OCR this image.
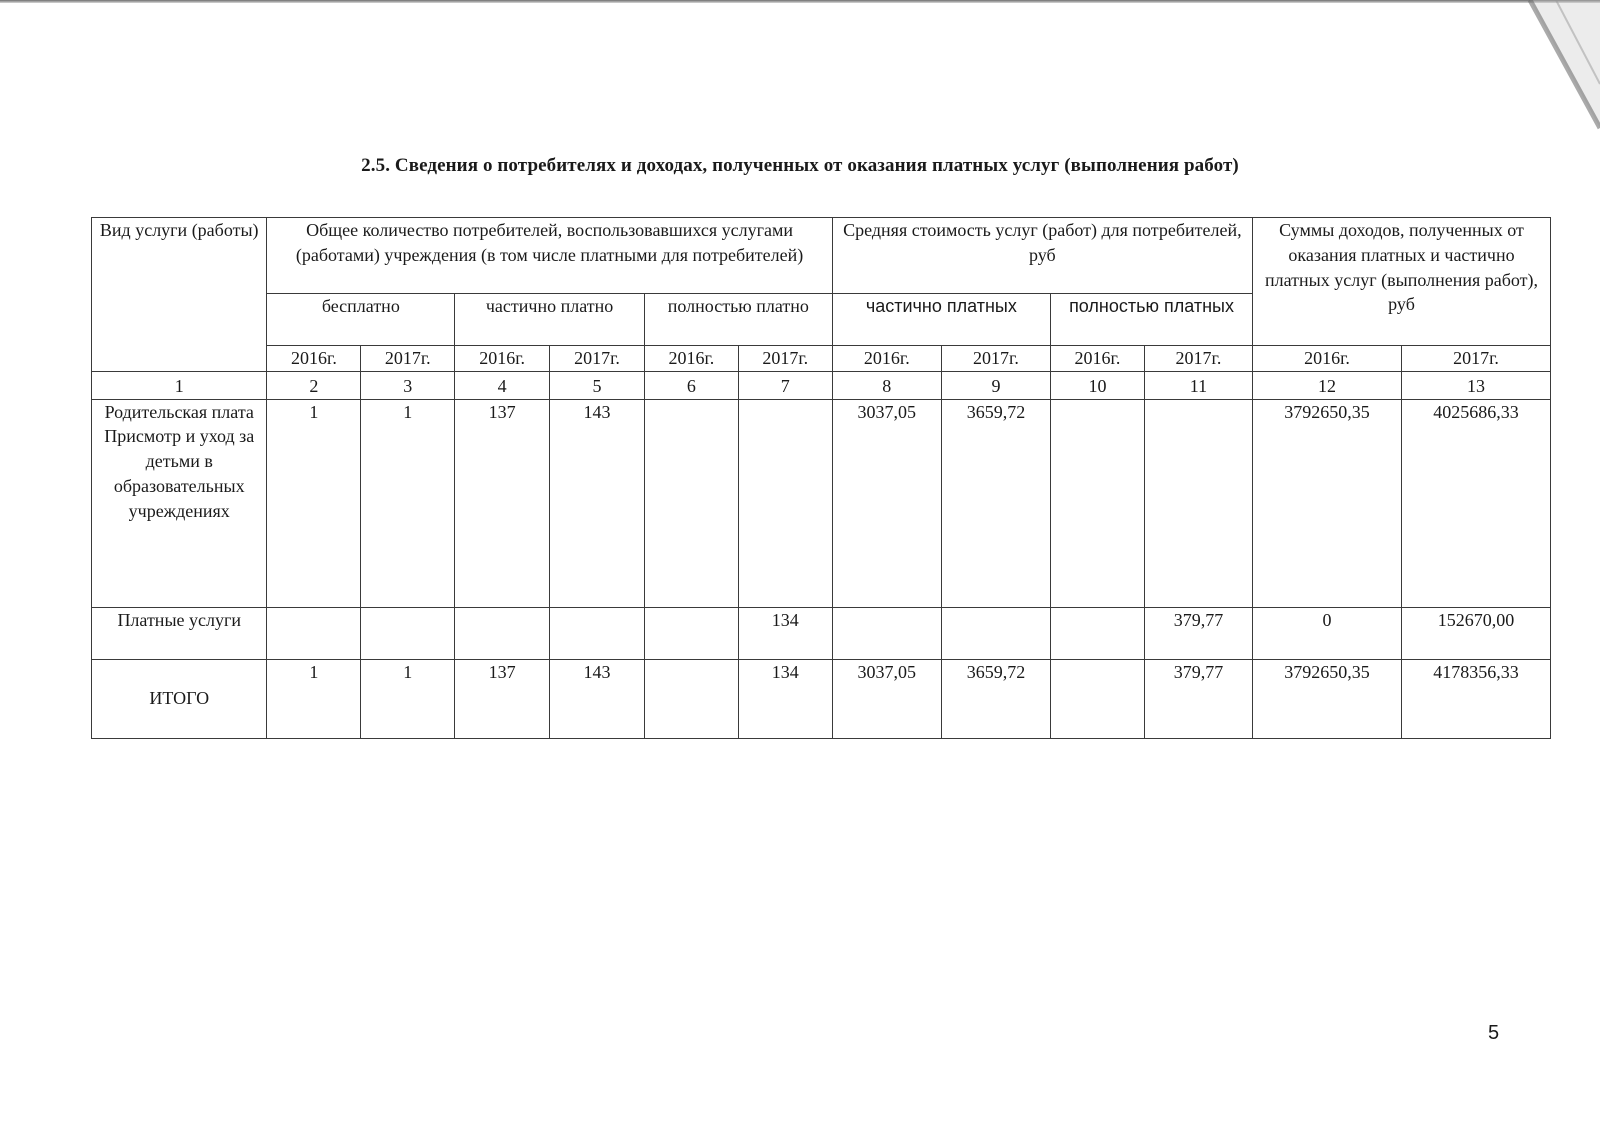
2.5. Сведения о потребителях и доходах, полученных от оказания платных услуг (выполнения работ)
Вид услуги (работы)	Общее количество потребителей, воспользовавшихся услугами (работами) учреждения (в том числе платными для потребителей)						Средняя стоимость услуг (работ) для потребителей, руб				Суммы доходов, полученных от оказания платных и частично платных услуг (выполнения работ), руб	
	бесплатно		частично платно		полностью платно		частично платных		полностью платных			
	2016г.	2017г.	2016г.	2017г.	2016г.	2017г.	2016г.	2017г.	2016г.	2017г.	2016г.	2017г.
1	2	3	4	5	6	7	8	9	10	11	12	13
Родительская плата Присмотр и уход за детьми в образовательных учреждениях	1	1	137	143			3037,05	3659,72			3792650,35	4025686,33
Платные услуги						134				379,77	0	152670,00
ИТОГО	1	1	137	143		134	3037,05	3659,72		379,77	3792650,35	4178356,33
5
